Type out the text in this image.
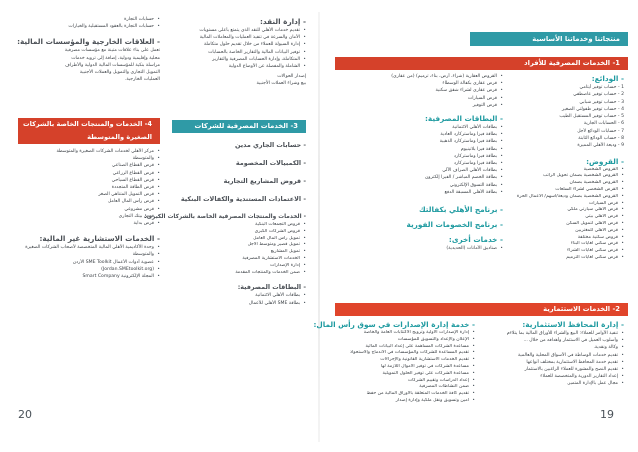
منتجاتنا وخدماتنا الأساسية
1- الخدمات المصرفية للأفراد
- الودائع:
1 - حساب توفير أيتامي
2 - حساب توفير عاصطفي
3 - حساب توفير شبابي
4 - حساب توفير طفولتي الصغير
5 - حساب توفير المستقبل الطيب
6 - الحسابات الجارية
7 - حسابات الودائع لأجل
8 - حساب الودائع الثابتة
9 - وديعة الأهلي المميزة
- القروض:
• القروض الشخصية
• القروض الشخصية بضمان تحويل الراتب
• القروض الشخصية بضمان
• القرض الشخصي لشراء السلعات
• القروض الشخصية بضمان وديعة/أسهم/ الأعمال الحرة
• قرض السيارات
• قرض الأهلي سيارتي ملكي
• قرض الأهلي بيتي
• قرض الأهلي لتمويل السكن
• قرض الأهلي للمغتربين
• قروض سكنية مختلفة
• قرض سكني لغايات البناء
• قرض سكني لغايات الشراء
• قرض سكني لغايات الترميم
• القروض العقارية (شراء، أرض، بناء، ترميم) (من عقاري)
• قرض عقاري بكفالة الوسطاء
• قرض عقاري لشراء شقق سكنية
• قرض السيارات
• قرض التوفير
- البطاقات المصرفية:
• بطاقات الأهلي الائتمانية
• بطاقة فيزا وماستركارد العادية
• بطاقة فيزا وماستركارد الذهبية
• بطاقة فيزا بلاتينيوم
• بطاقة فيزا وماستركارد
• بطاقة فيزا وماستركارد
• بطاقات الأهلي الصراف الآلي
• بطاقة الخصم المباشر / الفيزا إلكترون
• بطاقة التسوق الإلكتروني
• بطاقة الأهلي المسبقة الدفع
- برنامج الأهلي بكفالتك
- برنامج الخصومات الفورية
- خدمات أخرى:
• صناديق الأمانات (الحديدية)
2- الخدمات الاستثمارية
- إدارة المحافظ الاستثمارية:
• تنفيذ الأوامر للعملاء: البيع والشراء للأوراق المالية بما يتلاءم
• وأسلوب العميل في الاستثمار وأهدافه من خلال ...
• وكالة ونقدية.
• تقديم خدمات الوساطة في الأسواق المحلية والعالمية
• تقديم خدمة المحافظ الاستثمارية بمختلف أنواعها
• تقديم النصح والمشورة للعملاء الراغبين بالاستثمار
• إعداد التقارير الدورية والمتخصصة للعملاء
• مجال عمل بالإدارة المتميز.
- خدمة إدارة الإصدارات في سوق رأس المال:
• إدارة الإصدارات الأولية وترويج الاكتتابات العامة والخاصة
• الإعلان والإعداد والتسويق للمؤسسات
• مساعدة الشركات المساهمة على إعداد البيانات المالية
• تقديم المساعدة للشركات والمؤسسات في الاندماج والاستحواذ
• تقديم الخدمات الاستشارية القانونية والإجراءات
• مساعدة الشركات في توفير الأموال اللازمة لها
• مساعدة الشركات على توفير الحلول التمويلية
• إعداد الدراسات وتقييم الشركات
• ضمن النشاطات المصرفية
• تقديم كافة الخدمات المتعلقة بالأوراق المالية من حفظ
• أمين وتسويق ونقل ملكية وإدارة إصدار
19
- إدارة النقد:
• تقديم خدمات الأهلي للنقد الذي يتمتع بأعلى مستويات
• الأمان والسرعة في تنفيذ العمليات والمعاملات المالية
• إدارة السيولة للعملاء من خلال تقديم حلول متكاملة
• توفير البيانات المالية والتقارير الخاصة بالحسابات
• المتكاملة، وإدارة الحسابات المصرفية والتقارير
• الشاملة والمفصلة عن الأوضاع الدولية
إصدار الحوالات
بيع وشراء العملات الأجنبية
3- الخدمات المصرفية للشركات
- حسابات الجاري مدين
- الكمبيالات المخصومة
- قروض المشاريع التجارية
- الاعتمادات المستندية والكفالات البنكية
- الخدمات والمنتجات المصرفية الخاصة بالشركات الكبرى:
• قروض التجمعات البنكية
• قروض الشركات الكبرى
• تمويل رأس المال العامل
• تمويل قصير ومتوسط الأجل
• تمويل المشاريع
• الخدمات الاستشارية المصرفية
• إدارة الإصدارات
• ضمن الخدمات والمنتجات المقدمة
- البطاقات المصرفية:
• بطاقات الأهلي الائتمانية
• بطاقة SME الأهلي للأعمال
• حسابات التجارة
• حسابات التجارة بالعقود المستقبلية والخيارات
- العلاقات الخارجية والمؤسسات المالية:
تعمل على بناء علاقات متينة مع مؤسسات مصرفية
محلية وإقليمية ودولية، إضافة إلى تزويد خدمات
مراسلة بنكية للمؤسسات المالية الدولية والأطراف
التمويل التجاري والتمويل والعملات الأجنبية
العمليات الخارجية.
4- الخدمات والمنتجات الخاصة بالشركات
الصغيرة والمتوسطة
• مركز الأهلي لخدمات الشركات الصغيرة والمتوسطة
• والمتوسطة
• قرض القطاع الصناعي
• قرض القطاع الزراعي
• قرض القطاع السياحي
• قرض الطاقة المتجددة
• قرض التمويل المتناهي الصغر
• قرض رأس المال العامل
• قرض مشروعي
• قرض بيتك التجاري
• قرض بداية
- الخدمات الاستشارية غير المالية:
• وحدة الأكاديمية الأهلي المالية المتخصصة لأصحاب الشركات الصغيرة
• والمتوسطة
• عضوية أدوات الأعمال SME Toolkit الأردن
• (Jordan.SMEtoolkit.org)
• المجلة الإلكترونية Smart Company
20
